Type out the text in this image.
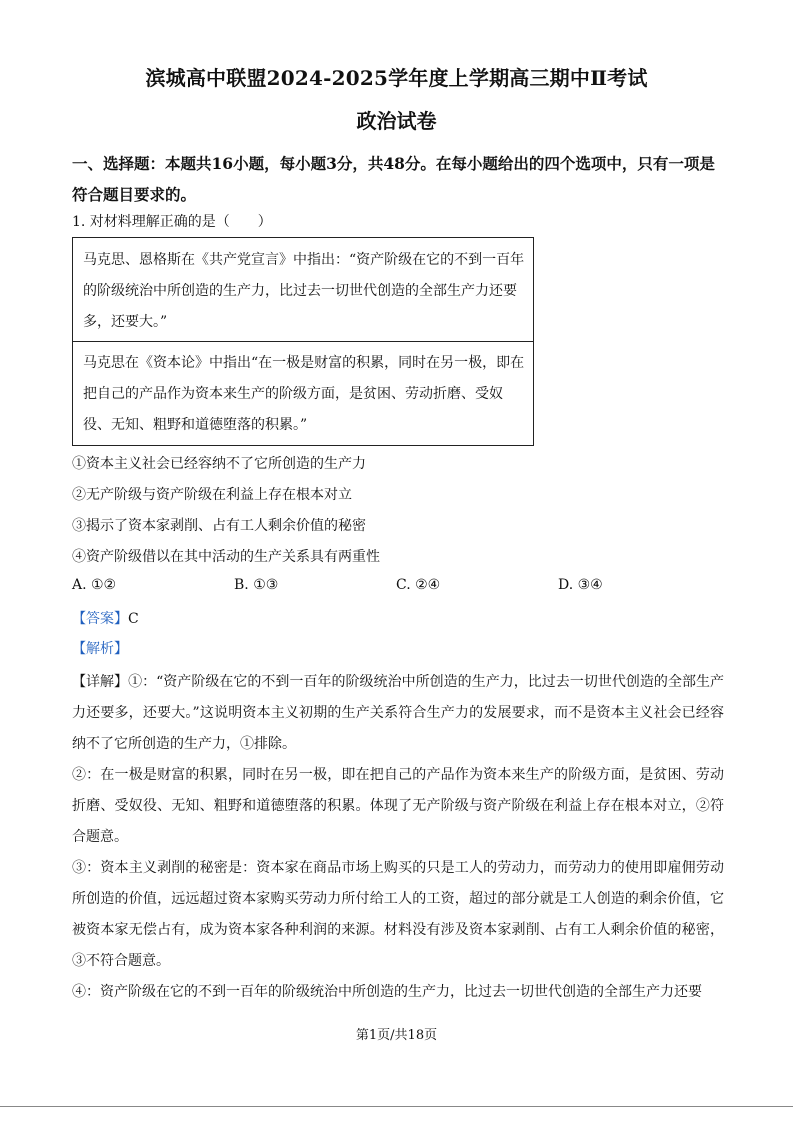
滨城高中联盟2024-2025学年度上学期高三期中Ⅱ考试
政治试卷
一、选择题：本题共16小题，每小题3分，共48分。在每小题给出的四个选项中，只有一项是符合题目要求的。
1. 对材料理解正确的是（　　）
马克思、恩格斯在《共产党宣言》中指出：“资产阶级在它的不到一百年的阶级统治中所创造的生产力，比过去一切世代创造的全部生产力还要多，还要大。”
马克思在《资本论》中指出“在一极是财富的积累，同时在另一极，即在把自己的产品作为资本来生产的阶级方面，是贫困、劳动折磨、受奴役、无知、粗野和道德堕落的积累。”
①资本主义社会已经容纳不了它所创造的生产力
②无产阶级与资产阶级在利益上存在根本对立
③揭示了资本家剥削、占有工人剩余价值的秘密
④资产阶级借以在其中活动的生产关系具有两重性
A. ①②	B. ①③	C. ②④	D. ③④
【答案】C
【解析】

【详解】①：“资产阶级在它的不到一百年的阶级统治中所创造的生产力，比过去一切世代创造的全部生产力还要多，还要大。”这说明资本主义初期的生产关系符合生产力的发展要求，而不是资本主义社会已经容纳不了它所创造的生产力，①排除。

②：在一极是财富的积累，同时在另一极，即在把自己的产品作为资本来生产的阶级方面，是贫困、劳动折磨、受奴役、无知、粗野和道德堕落的积累。体现了无产阶级与资产阶级在利益上存在根本对立，②符合题意。

③：资本主义剥削的秘密是：资本家在商品市场上购买的只是工人的劳动力，而劳动力的使用即雇佣劳动所创造的价值，远远超过资本家购买劳动力所付给工人的工资，超过的部分就是工人创造的剩余价值，它被资本家无偿占有，成为资本家各种利润的来源。材料没有涉及资本家剥削、占有工人剩余价值的秘密，③不符合题意。

④：资产阶级在它的不到一百年的阶级统治中所创造的生产力，比过去一切世代创造的全部生产力还要

第1页/共18页
